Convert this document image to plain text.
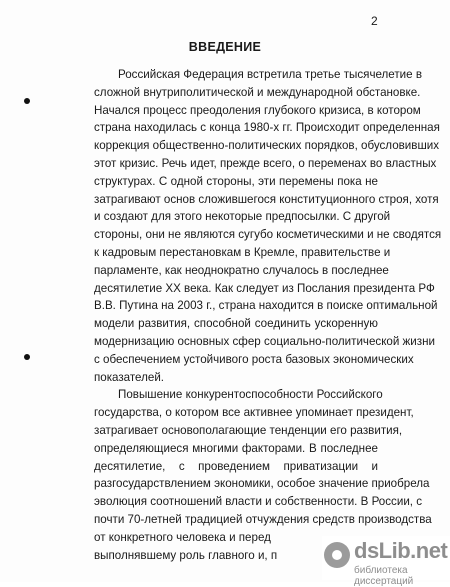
2
ВВЕДЕНИЕ
Российская Федерация встретила третье тысячелетие в
сложной внутриполитической и международной обстановке.
Начался процесс преодоления глубокого кризиса, в котором
страна находилась с конца 1980-х гг. Происходит определенная
коррекция общественно-политических порядков, обусловивших
этот кризис. Речь идет, прежде всего, о переменах во властных
структурах. С одной стороны, эти перемены пока не
затрагивают основ сложившегося конституционного строя, хотя
и создают для этого некоторые предпосылки. С другой
стороны, они не являются сугубо косметическими и не сводятся
к кадровым перестановкам в Кремле, правительстве и
парламенте, как неоднократно случалось в последнее
десятилетие XX века. Как следует из Послания президента РФ
В.В. Путина на 2003 г., страна находится в поиске оптимальной
модели развития, способной соединить ускоренную
модернизацию основных сфер социально-политической жизни
с обеспечением устойчивого роста базовых экономических
показателей.
Повышение конкурентоспособности Российского
государства, о котором все активнее упоминает президент,
затрагивает основополагающие тенденции его развития,
определяющиеся многими факторами. В последнее
десятилетие, с проведением приватизации и
разгосударствлением экономики, особое значение приобрела
эволюция соотношений власти и собственности. В России, с
почти 70-летней традицией отчуждения средств производства
от конкретного человека и перед
выполнявшему роль главного и, п	dsLib.net
библиотека диссертаций
